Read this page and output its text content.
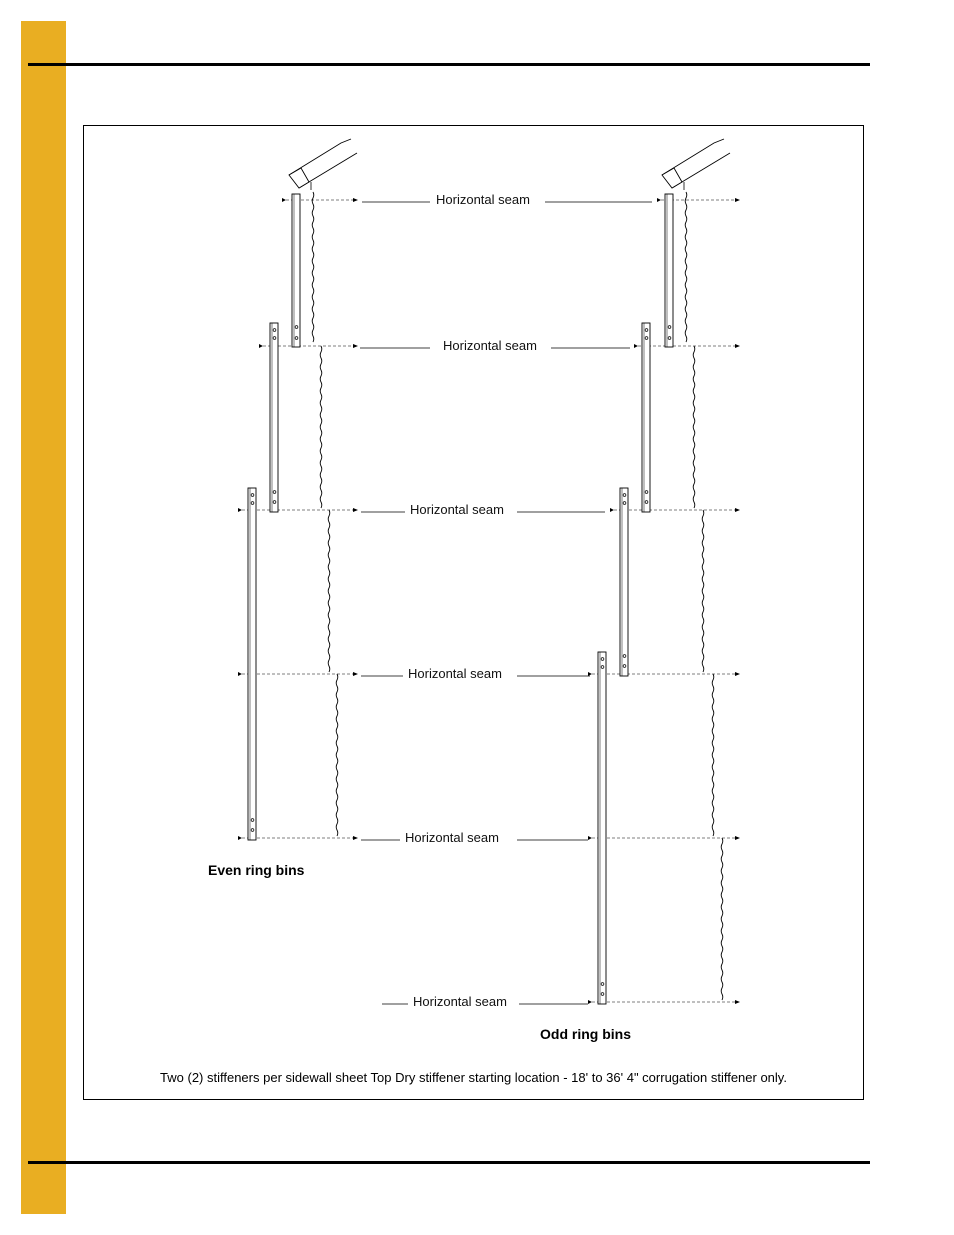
Horizontal seam
Horizontal seam
Horizontal seam
Horizontal seam
Horizontal seam
Horizontal seam
Even ring bins
Odd ring bins
Two (2) stiffeners per sidewall sheet Top Dry stiffener starting location - 18' to 36' 4" corrugation stiffener only.
